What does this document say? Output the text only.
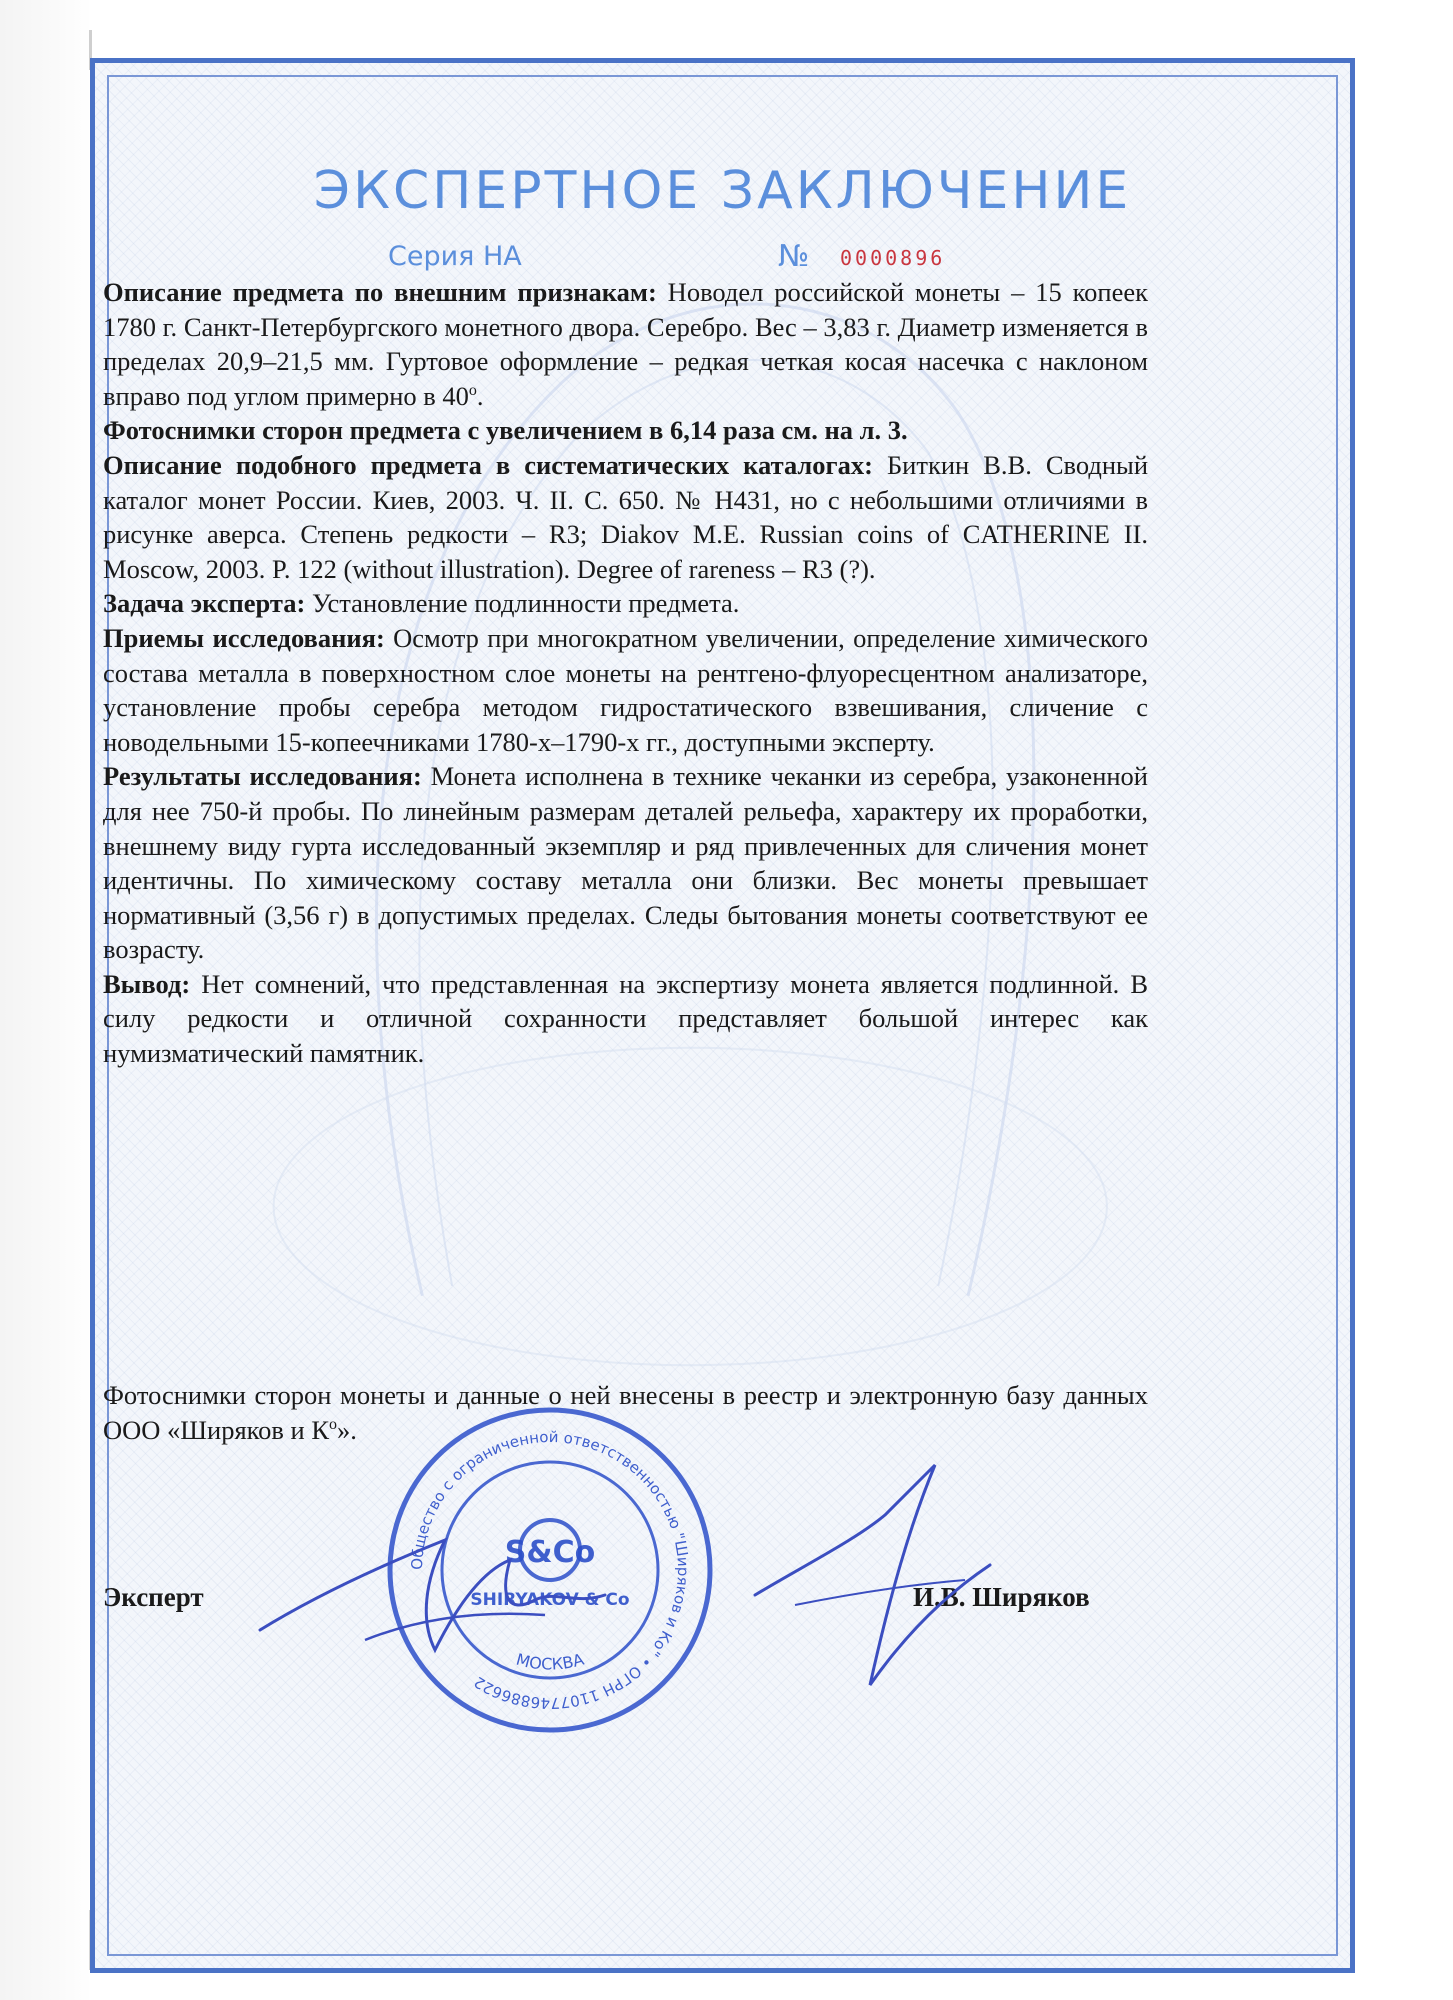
ЭКСПЕРТНОЕ ЗАКЛЮЧЕНИЕ
Серия НА	№ 0000896

Описание предмета по внешним признакам: Новодел российской монеты – 15 копеек 1780 г. Санкт-Петербургского монетного двора. Серебро. Вес – 3,83 г. Диаметр изменяется в пределах 20,9–21,5 мм. Гуртовое оформление – редкая четкая косая насечка с наклоном вправо под углом примерно в $40^о$.

Фотоснимки сторон предмета с увеличением в 6,14 раза см. на л. 3.

Описание подобного предмета в систематических каталогах: Биткин В.В. Сводный каталог монет России. Киев, 2003. Ч. II. С. 650. № Н431, но с небольшими отличиями в рисунке аверса. Степень редкости – R3; Diakov M.E. Russian coins of CATHERINE II. Moscow, 2003. P. 122 (without illustration). Degree of rareness – R3 (?).

Задача эксперта: Установление подлинности предмета.

Приемы исследования: Осмотр при многократном увеличении, определение химического состава металла в поверхностном слое монеты на рентгено-флуоресцентном анализаторе, установление пробы серебра методом гидростатического взвешивания, сличение с новодельными 15-копеечниками 1780-х–1790-х гг., доступными эксперту.

Результаты исследования: Монета исполнена в технике чеканки из серебра, узаконенной для нее 750-й пробы. По линейным размерам деталей рельефа, характеру их проработки, внешнему виду гурта исследованный экземпляр и ряд привлеченных для сличения монет идентичны. По химическому составу металла они близки. Вес монеты превышает нормативный (3,56 г) в допустимых пределах. Следы бытования монеты соответствуют ее возрасту.

Вывод: Нет сомнений, что представленная на экспертизу монета является подлинной. В силу редкости и отличной сохранности представляет большой интерес как нумизматический памятник.

Фотоснимки сторон монеты и данные о ней внесены в реестр и электронную базу данных ООО «Ширяков и $К^о$».
Эксперт	И.В. Ширяков
Общество с ограниченной ответственностью "Ширяков и Ко" • ОГРН 1107746886622
МОСКВА
S&Co
SHIRYAKOV & Co
